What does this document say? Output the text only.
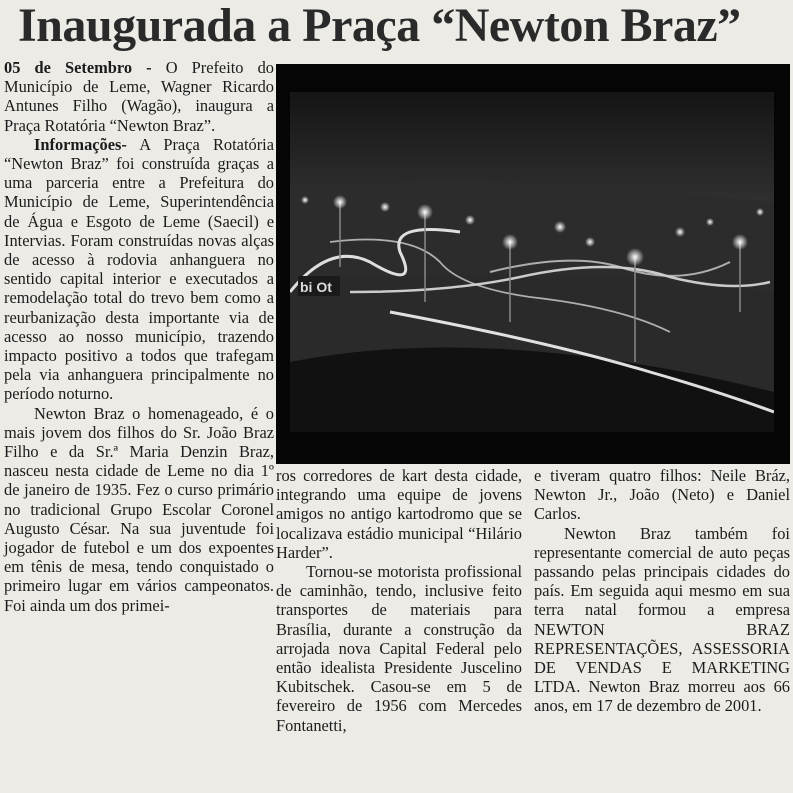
Inaugurada a Praça “Newton Braz”

05 de Setembro - O Prefeito do Município de Leme, Wagner Ricardo Antunes Filho (Wagão), inaugura a Praça Rotatória “Newton Braz”.

Informações- A Praça Rotatória “Newton Braz” foi construída graças a uma parceria entre a Prefeitura do Município de Leme, Superintendência de Água e Esgoto de Leme (Saecil) e Intervias. Foram construídas novas alças de acesso à rodovia anhanguera no sentido capital interior e executados a remodelação total do trevo bem como a reurbanização desta importante via de acesso ao nosso município, trazendo impacto positivo a todos que trafegam pela via anhanguera principalmente no período noturno.

Newton Braz o homenageado, é o mais jovem dos filhos do Sr. João Braz Filho e da Sr.ª Maria Denzin Braz, nasceu nesta cidade de Leme no dia 1º de janeiro de 1935. Fez o curso primário no tradicional Grupo Escolar Coronel Augusto César. Na sua juventude foi jogador de futebol e um dos expoentes em tênis de mesa, tendo conquistado o primeiro lugar em vários campeonatos. Foi ainda um dos primei-

bi Ot

ros corredores de kart desta cidade, integrando uma equipe de jovens amigos no antigo kartodromo que se localizava estádio municipal “Hilário Harder”.

Tornou-se motorista profissional de caminhão, tendo, inclusive feito transportes de materiais para Brasília, durante a construção da arrojada nova Capital Federal pelo então idealista Presidente Juscelino Kubitschek. Casou-se em 5 de fevereiro de 1956 com Mercedes Fontanetti,

e tiveram quatro filhos: Neile Bráz, Newton Jr., João (Neto) e Daniel Carlos.

Newton Braz também foi representante comercial de auto peças passando pelas principais cidades do país. Em seguida aqui mesmo em sua terra natal formou a empresa NEWTON BRAZ REPRESENTAÇÕES, ASSESSORIA DE VENDAS E MARKETING LTDA. Newton Braz morreu aos 66 anos, em 17 de dezembro de 2001.
